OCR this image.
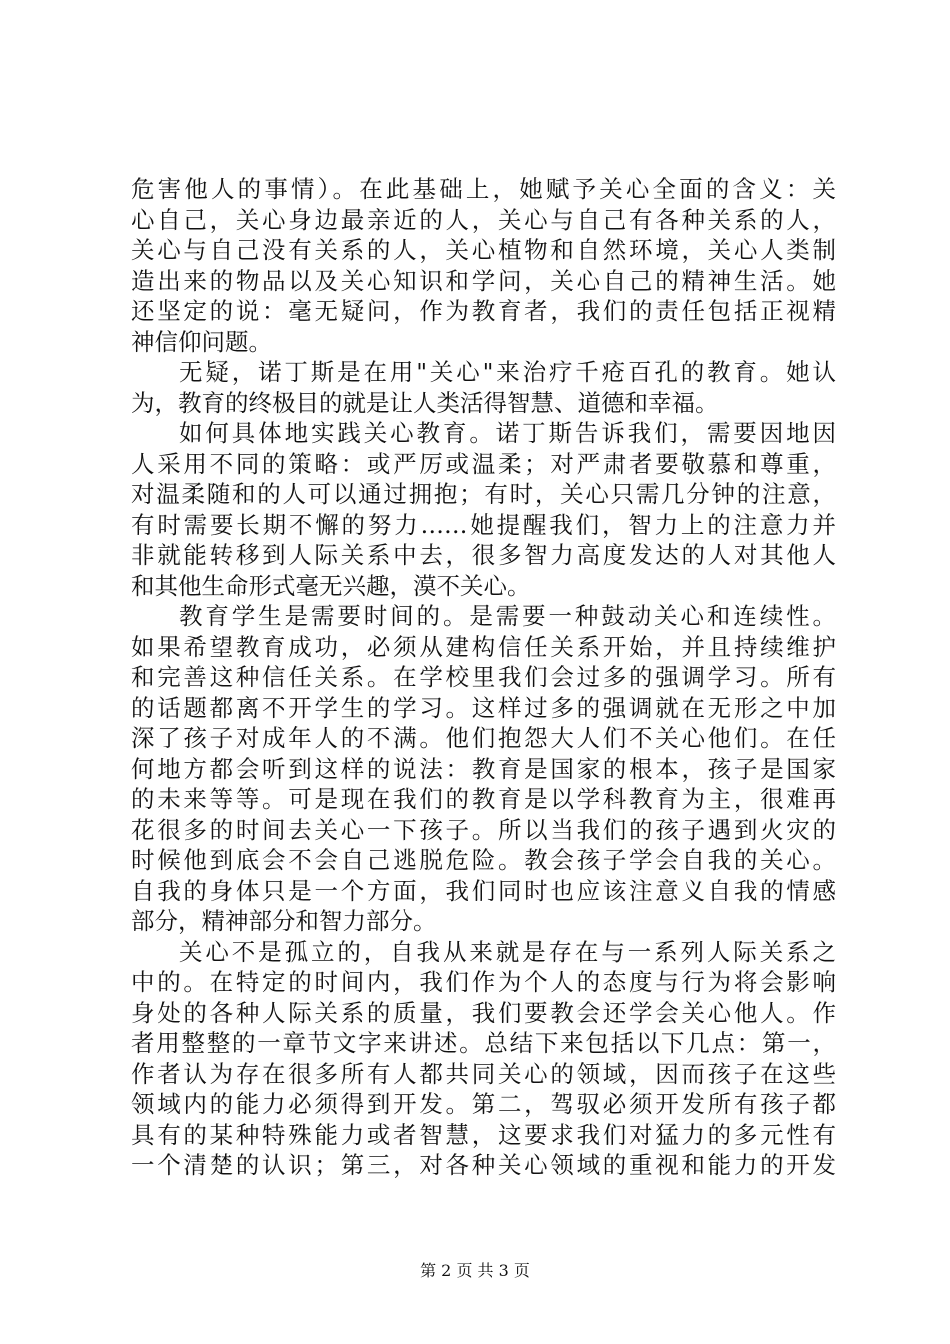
危害他人的事情）。在此基础上，她赋予关心全面的含义：关
心自己，关心身边最亲近的人，关心与自己有各种关系的人，
关心与自己没有关系的人，关心植物和自然环境，关心人类制
造出来的物品以及关心知识和学问，关心自己的精神生活。她
还坚定的说：毫无疑问，作为教育者，我们的责任包括正视精
神信仰问题。
无疑，诺丁斯是在用"关心"来治疗千疮百孔的教育。她认
为，教育的终极目的就是让人类活得智慧、道德和幸福。
如何具体地实践关心教育。诺丁斯告诉我们，需要因地因
人采用不同的策略：或严厉或温柔；对严肃者要敬慕和尊重，
对温柔随和的人可以通过拥抱；有时，关心只需几分钟的注意，
有时需要长期不懈的努力……她提醒我们，智力上的注意力并
非就能转移到人际关系中去，很多智力高度发达的人对其他人
和其他生命形式毫无兴趣，漠不关心。
教育学生是需要时间的。是需要一种鼓动关心和连续性。
如果希望教育成功，必须从建构信任关系开始，并且持续维护
和完善这种信任关系。在学校里我们会过多的强调学习。所有
的话题都离不开学生的学习。这样过多的强调就在无形之中加
深了孩子对成年人的不满。他们抱怨大人们不关心他们。在任
何地方都会听到这样的说法：教育是国家的根本，孩子是国家
的未来等等。可是现在我们的教育是以学科教育为主，很难再
花很多的时间去关心一下孩子。所以当我们的孩子遇到火灾的
时候他到底会不会自己逃脱危险。教会孩子学会自我的关心。
自我的身体只是一个方面，我们同时也应该注意义自我的情感
部分，精神部分和智力部分。
关心不是孤立的，自我从来就是存在与一系列人际关系之
中的。在特定的时间内，我们作为个人的态度与行为将会影响
身处的各种人际关系的质量，我们要教会还学会关心他人。作
者用整整的一章节文字来讲述。总结下来包括以下几点：第一，
作者认为存在很多所有人都共同关心的领域，因而孩子在这些
领域内的能力必须得到开发。第二，驾驭必须开发所有孩子都
具有的某种特殊能力或者智慧，这要求我们对猛力的多元性有
一个清楚的认识；第三，对各种关心领域的重视和能力的开发
第 2 页 共 3 页
